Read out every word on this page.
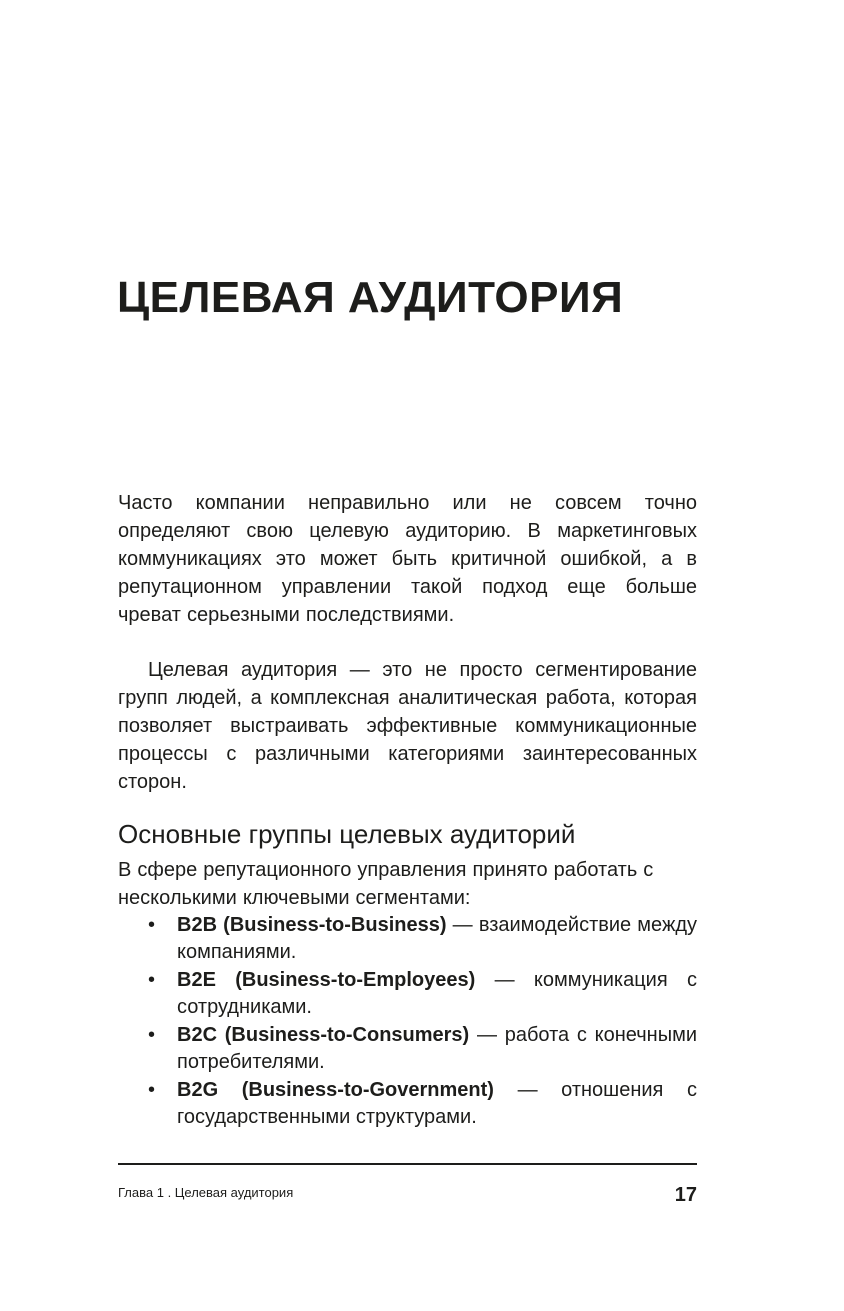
ЦЕЛЕВАЯ АУДИТОРИЯ
Часто компании неправильно или не совсем точно определяют свою целевую аудиторию. В маркетинговых коммуникациях это может быть критичной ошибкой, а в репутационном управлении такой подход еще больше чреват серьезными последствиями.
Целевая аудитория — это не просто сегментирование групп людей, а комплексная аналитическая работа, которая позволяет выстраивать эффективные коммуникационные процессы с различными категориями заинтересованных сторон.
Основные группы целевых аудиторий
В сфере репутационного управления принято работать с несколькими ключевыми сегментами:
• B2B (Business-to-Business) — взаимодействие между компаниями.
• B2E (Business-to-Employees) — коммуникация с сотрудниками.
• B2C (Business-to-Consumers) — работа с конечными потребителями.
• B2G (Business-to-Government) — отношения с государственными структурами.
Глава 1 . Целевая аудитория	17
